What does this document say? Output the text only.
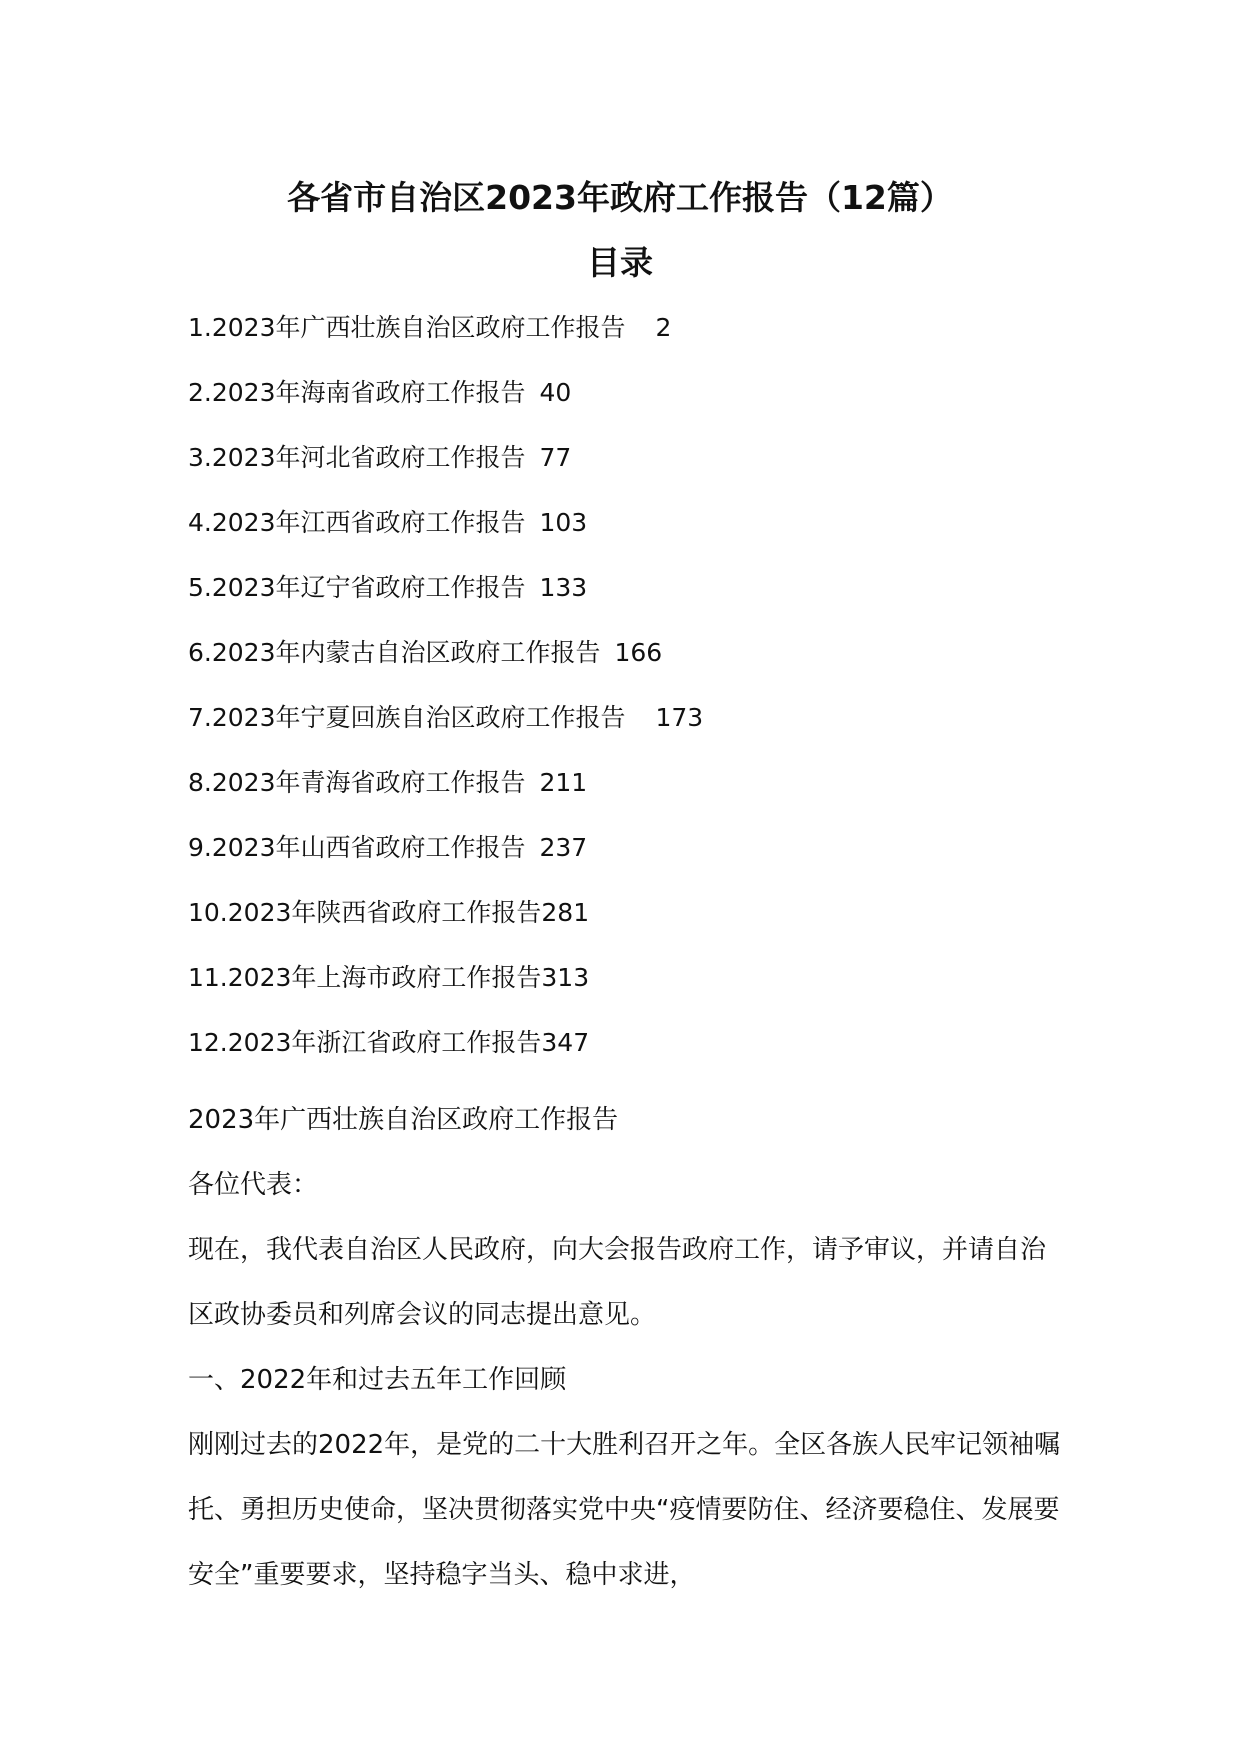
各省市自治区2023年政府工作报告（12篇）
目录
1.2023年广西壮族自治区政府工作报告 2
2.2023年海南省政府工作报告 40
3.2023年河北省政府工作报告 77
4.2023年江西省政府工作报告 103
5.2023年辽宁省政府工作报告 133
6.2023年内蒙古自治区政府工作报告 166
7.2023年宁夏回族自治区政府工作报告 173
8.2023年青海省政府工作报告 211
9.2023年山西省政府工作报告 237
10.2023年陕西省政府工作报告281
11.2023年上海市政府工作报告313
12.2023年浙江省政府工作报告347

2023年广西壮族自治区政府工作报告

各位代表：

现在，我代表自治区人民政府，向大会报告政府工作，请予审议，并请自治区政协委员和列席会议的同志提出意见。

一、2022年和过去五年工作回顾

刚刚过去的2022年，是党的二十大胜利召开之年。全区各族人民牢记领袖嘱托、勇担历史使命，坚决贯彻落实党中央“疫情要防住、经济要稳住、发展要安全”重要要求，坚持稳字当头、稳中求进，
